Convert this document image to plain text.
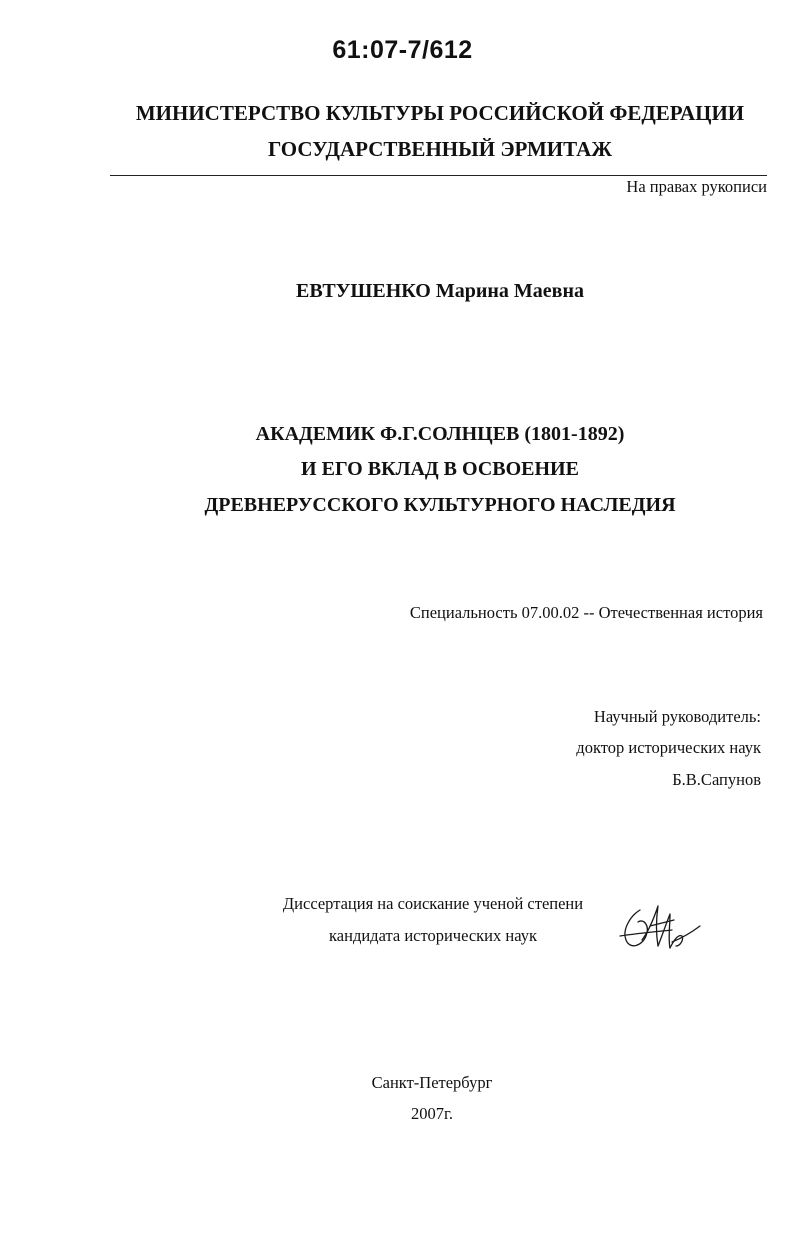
61:07-7/612
МИНИСТЕРСТВО КУЛЬТУРЫ РОССИЙСКОЙ ФЕДЕРАЦИИ
ГОСУДАРСТВЕННЫЙ ЭРМИТАЖ
На правах рукописи
ЕВТУШЕНКО Марина Маевна
АКАДЕМИК Ф.Г.СОЛНЦЕВ (1801-1892)
И ЕГО ВКЛАД В ОСВОЕНИЕ
ДРЕВНЕРУССКОГО КУЛЬТУРНОГО НАСЛЕДИЯ
Специальность 07.00.02 -- Отечественная история
Научный руководитель:
доктор исторических наук
Б.В.Сапунов
Диссертация на соискание ученой степени
кандидата исторических наук
Санкт-Петербург
2007г.
